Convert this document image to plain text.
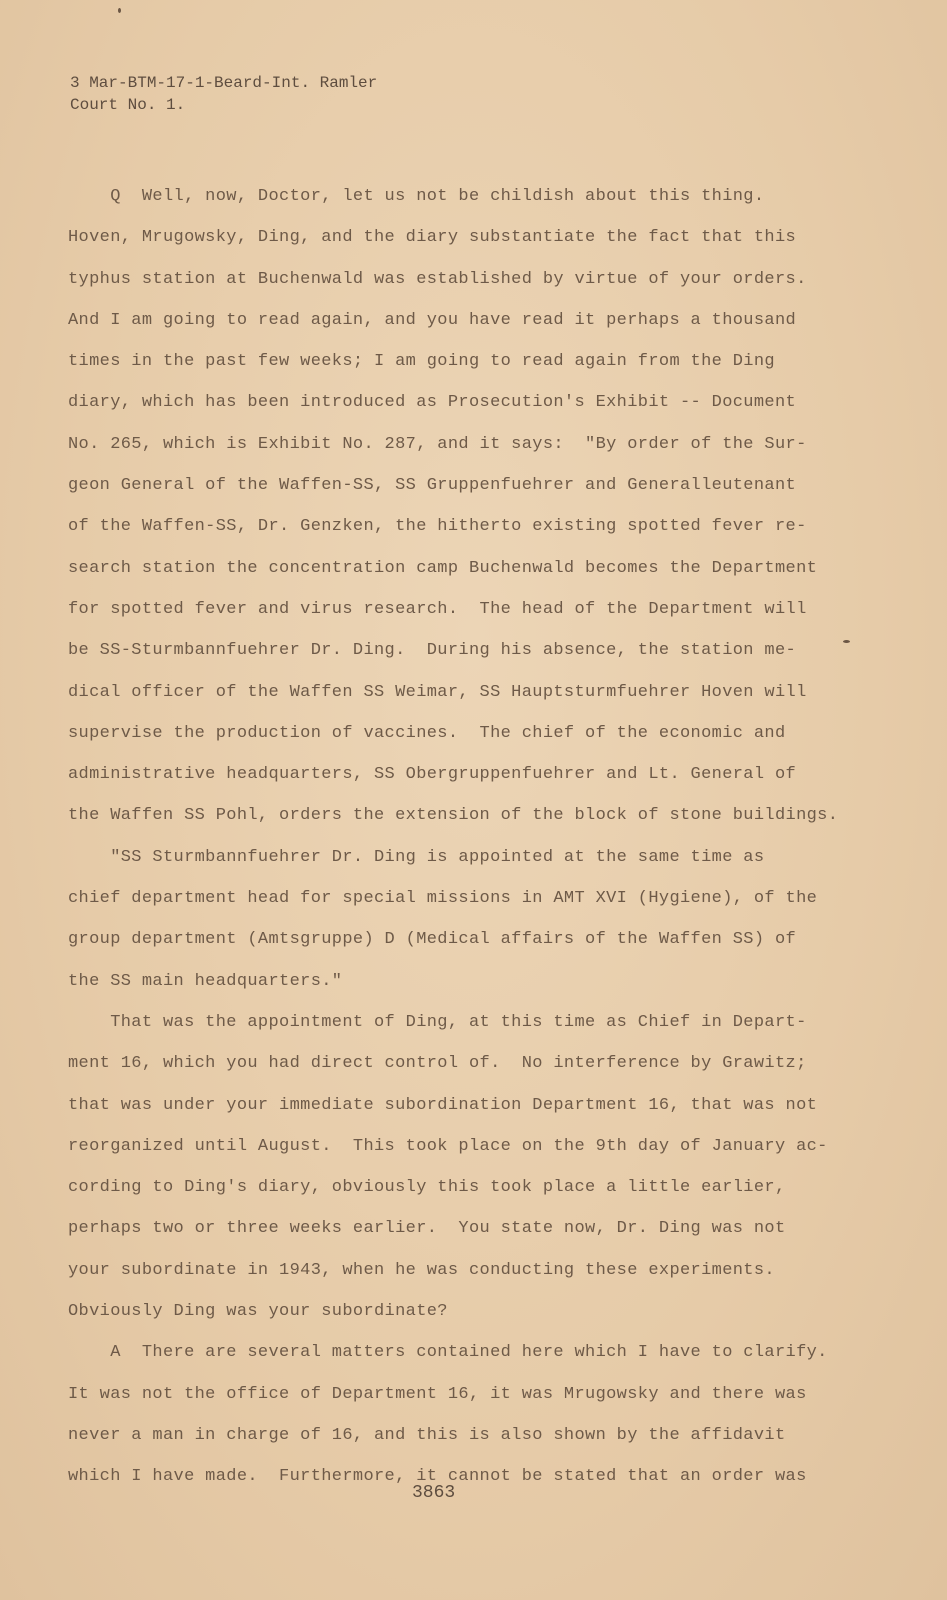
3 Mar-BTM-17-1-Beard-Int. Ramler
Court No. 1.
Q  Well, now, Doctor, let us not be childish about this thing.
Hoven, Mrugowsky, Ding, and the diary substantiate the fact that this
typhus station at Buchenwald was established by virtue of your orders.
And I am going to read again, and you have read it perhaps a thousand
times in the past few weeks; I am going to read again from the Ding
diary, which has been introduced as Prosecution's Exhibit -- Document
No. 265, which is Exhibit No. 287, and it says:  "By order of the Sur-
geon General of the Waffen-SS, SS Gruppenfuehrer and Generalleutenant
of the Waffen-SS, Dr. Genzken, the hitherto existing spotted fever re-
search station the concentration camp Buchenwald becomes the Department
for spotted fever and virus research.  The head of the Department will
be SS-Sturmbannfuehrer Dr. Ding.  During his absence, the station me-
dical officer of the Waffen SS Weimar, SS Hauptsturmfuehrer Hoven will
supervise the production of vaccines.  The chief of the economic and
administrative headquarters, SS Obergruppenfuehrer and Lt. General of
the Waffen SS Pohl, orders the extension of the block of stone buildings.
"SS Sturmbannfuehrer Dr. Ding is appointed at the same time as
chief department head for special missions in AMT XVI (Hygiene), of the
group department (Amtsgruppe) D (Medical affairs of the Waffen SS) of
the SS main headquarters."
That was the appointment of Ding, at this time as Chief in Depart-
ment 16, which you had direct control of.  No interference by Grawitz;
that was under your immediate subordination Department 16, that was not
reorganized until August.  This took place on the 9th day of January ac-
cording to Ding's diary, obviously this took place a little earlier,
perhaps two or three weeks earlier.  You state now, Dr. Ding was not
your subordinate in 1943, when he was conducting these experiments.
Obviously Ding was your subordinate?
A  There are several matters contained here which I have to clarify.
It was not the office of Department 16, it was Mrugowsky and there was
never a man in charge of 16, and this is also shown by the affidavit
which I have made.  Furthermore, it cannot be stated that an order was
3863
